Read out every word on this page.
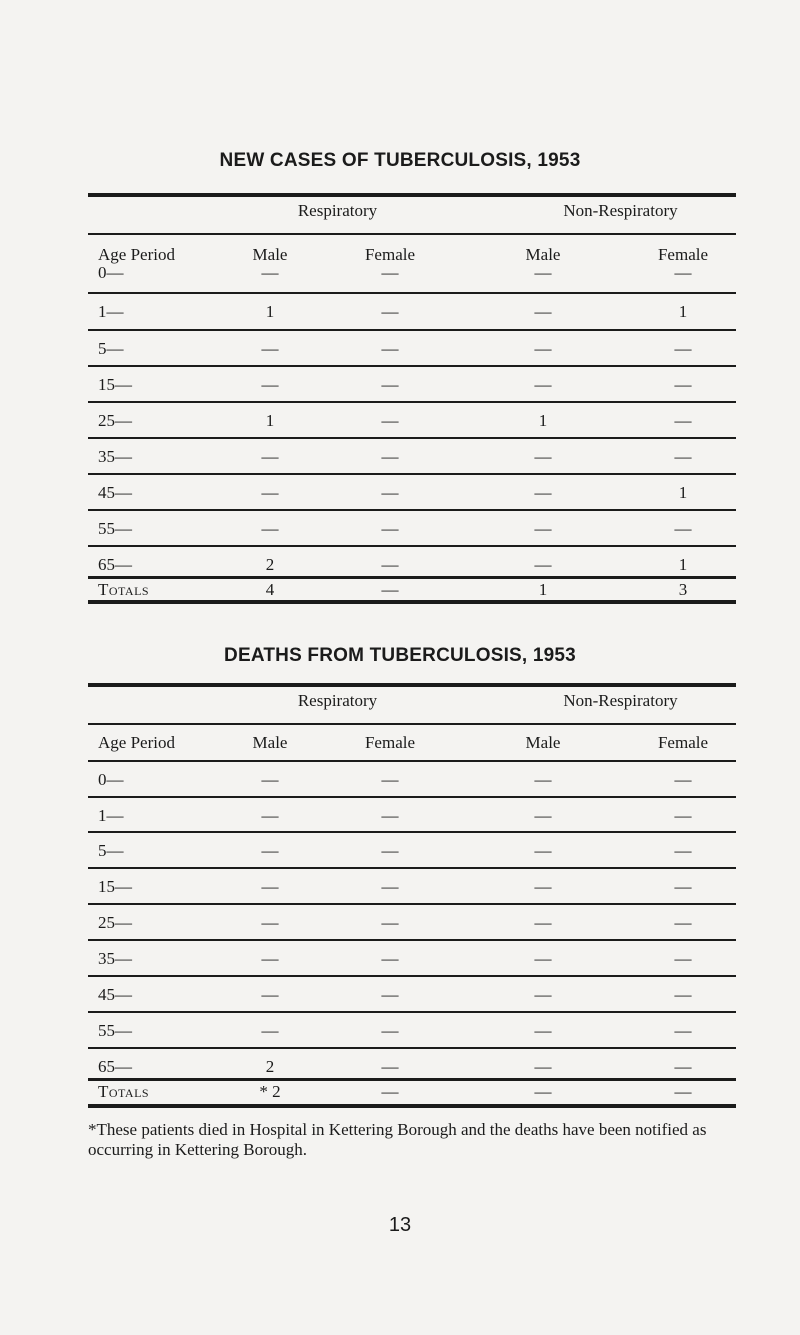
NEW CASES OF TUBERCULOSIS, 1953
Respiratory	Non-Respiratory
Age Period	Male	Female	Male	Female
0—	—	—	—	—
1—	1	—	—	1
5—	—	—	—	—
15—	—	—	—	—
25—	1	—	1	—
35—	—	—	—	—
45—	—	—	—	1
55—	—	—	—	—
65—	2	—	—	1
Totals	4	—	1	3
DEATHS FROM TUBERCULOSIS, 1953
Respiratory	Non-Respiratory
Age Period	Male	Female	Male	Female
0—	—	—	—	—
1—	—	—	—	—
5—	—	—	—	—
15—	—	—	—	—
25—	—	—	—	—
35—	—	—	—	—
45—	—	—	—	—
55—	—	—	—	—
65—	2	—	—	—
Totals	* 2	—	—	—
*These patients died in Hospital in Kettering Borough and the deaths have been notified as occurring in Kettering Borough.
13
